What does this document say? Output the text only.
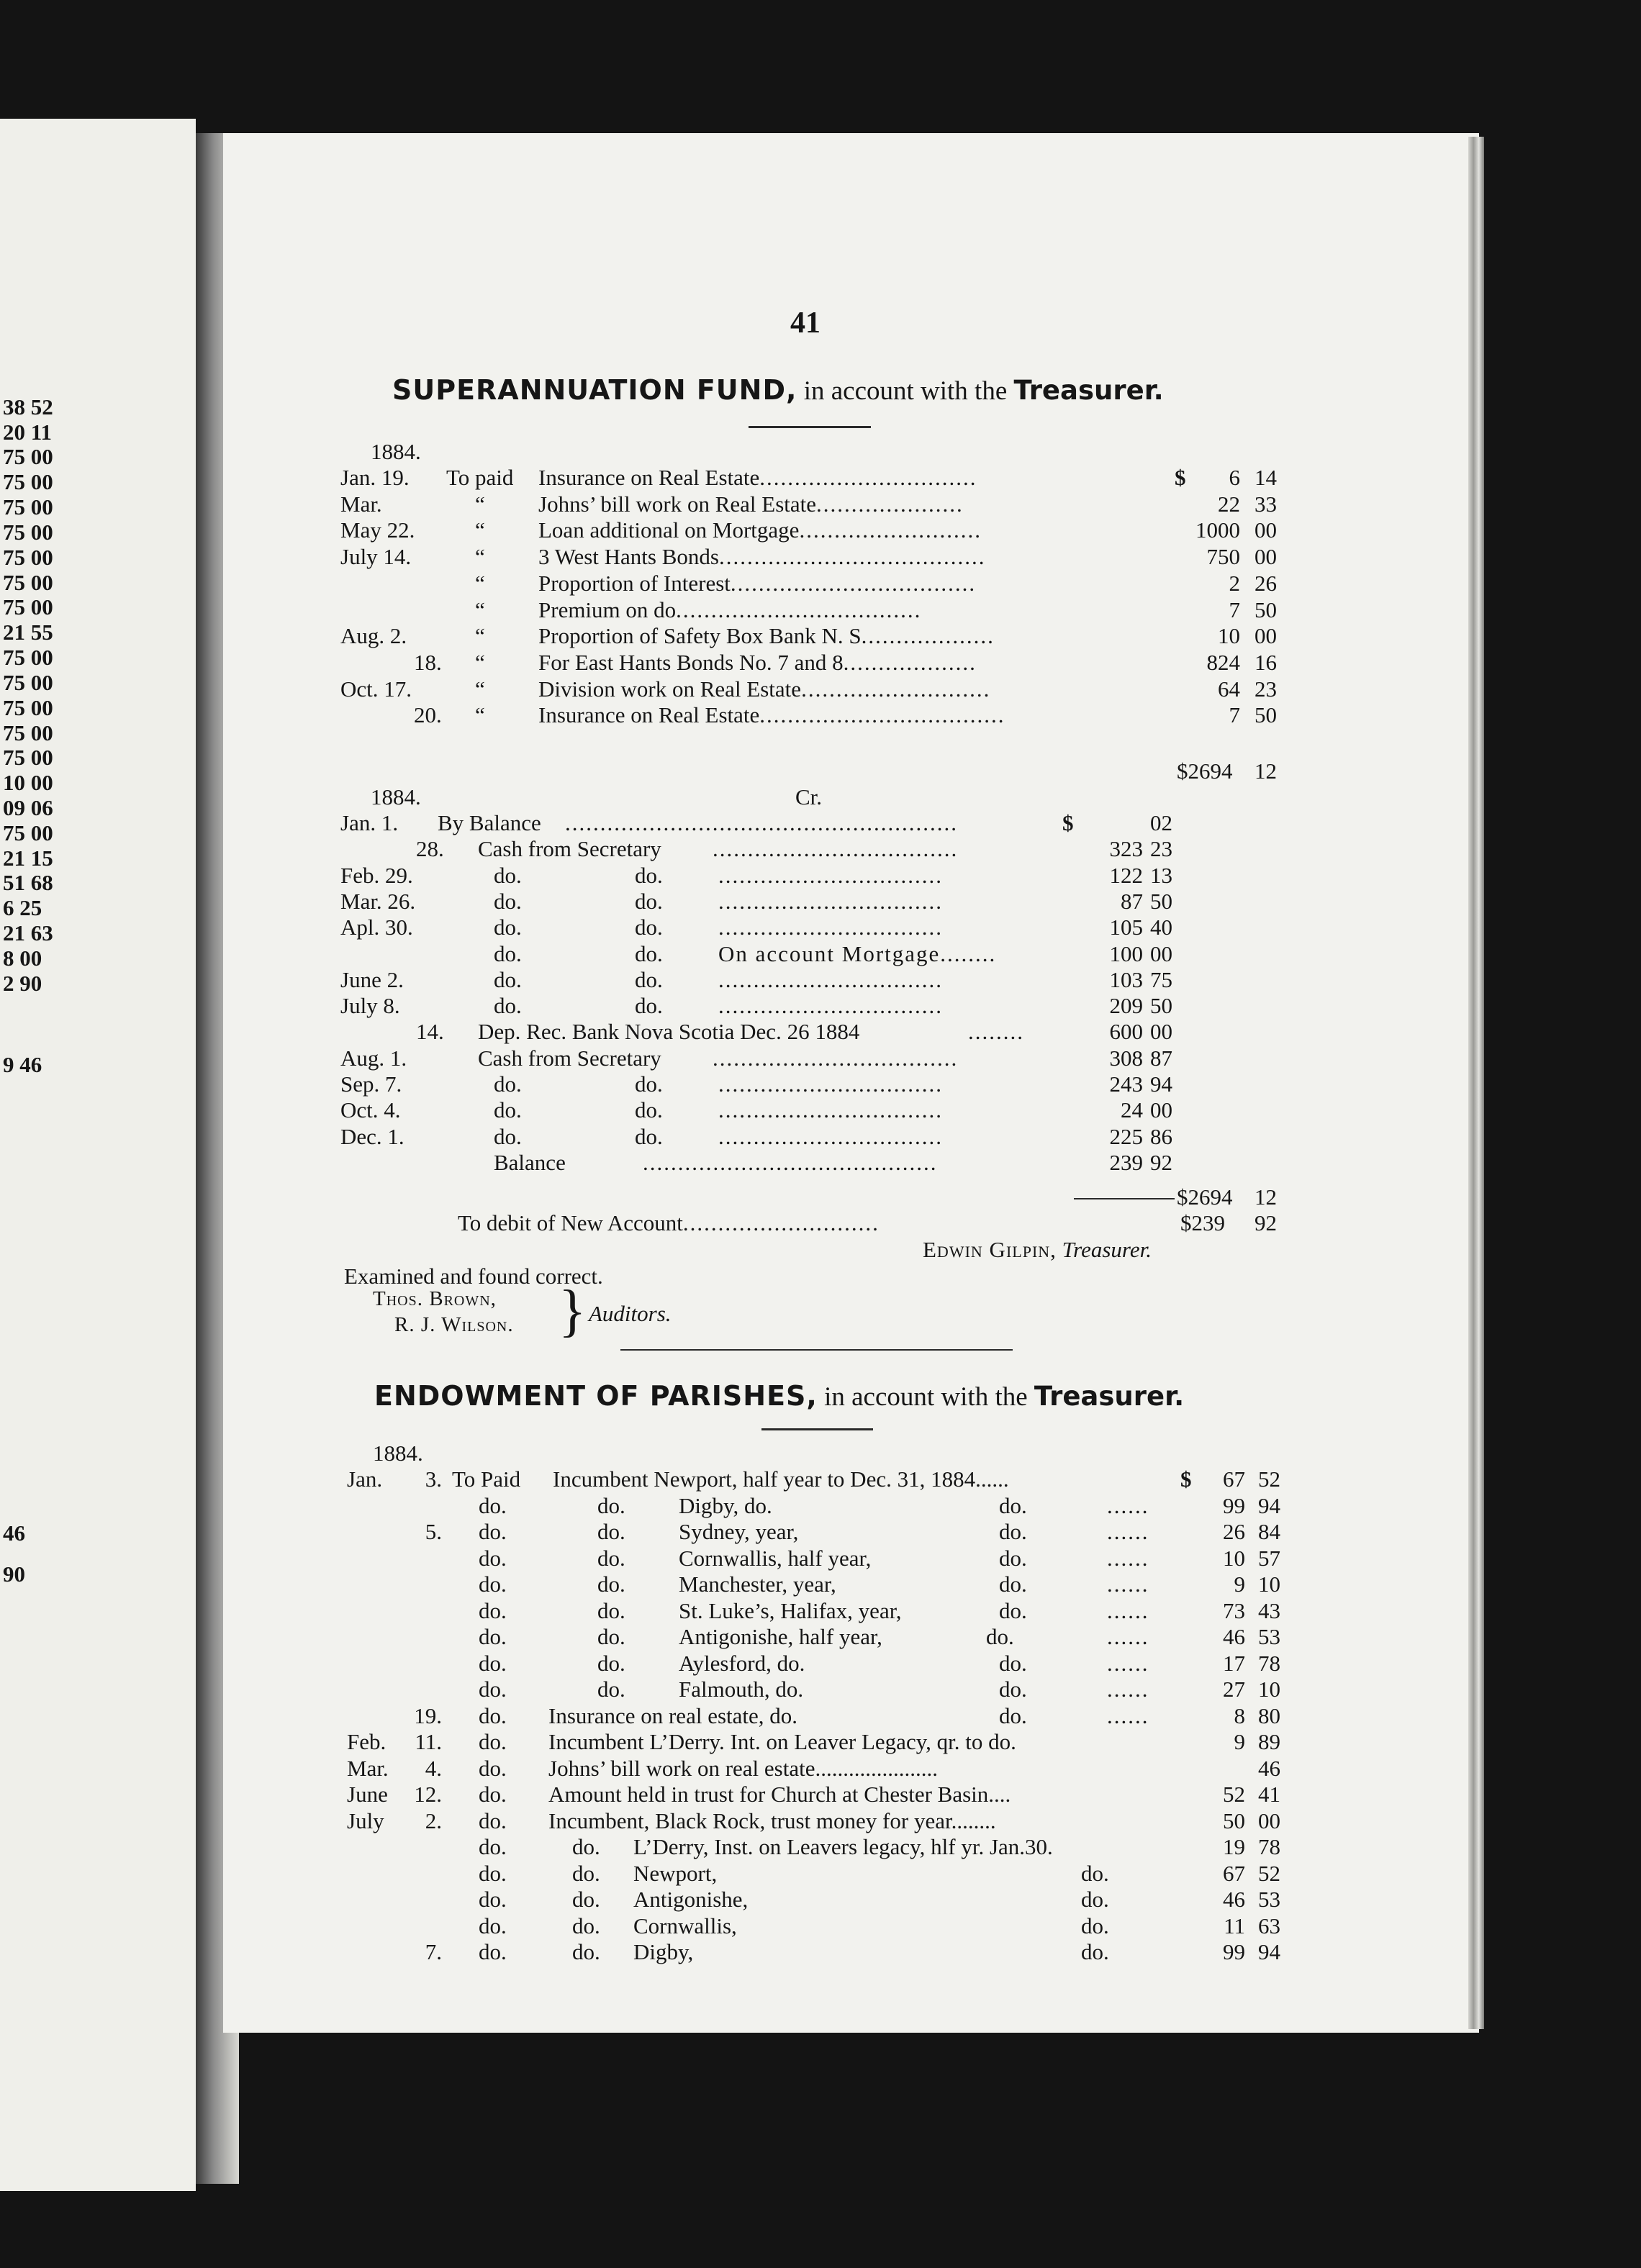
38 52
20 11
75 00
75 00
75 00
75 00
75 00
75 00
75 00
21 55
75 00
75 00
75 00
75 00
75 00
10 00
09 06
75 00
21 15
51 68
6 25
21 63
8 00
2 90
9 46
46
90
41
SUPERANNUATION FUND, in account with the Treasurer.
1884.
Jan. 19. To paid Insurance on Real Estate...............................	$	6 14
Mar.	“ Johns’ bill work on Real Estate.....................	22 33
May 22.	“ Loan additional on Mortgage..........................	1000 00
July 14.	“ 3 West Hants Bonds......................................	750 00
“ Proportion of Interest...................................	2 26
“ Premium on do...................................	7 50
Aug. 2.	“ Proportion of Safety Box Bank N. S...................	10 00
18. “ For East Hants Bonds No. 7 and 8...................	824 16
Oct. 17.	“ Division work on Real Estate...........................	64 23
20. “ Insurance on Real Estate...................................	7 50
$2694 12
1884.	Cr.
Jan. 1. By Balance ........................................................	$	02
28. Cash from Secretary ...................................	323 23
Feb. 29.	do.	do. ................................	122 13
Mar. 26.	do.	do. ................................	87 50
Apl. 30.	do.	do. ................................	105 40
do.	do. On account Mortgage........	100 00
June 2.	do.	do. ................................	103 75
July 8.	do.	do. ................................	209 50
14. Dep. Rec. Bank Nova Scotia Dec. 26 1884	........	600 00
Aug. 1.	Cash from Secretary ...................................	308 87
Sep. 7.	do.	do. ................................	243 94
Oct. 4.	do.	do. ................................	24 00
Dec. 1.	do.	do. ................................	225 86
Balance	..........................................	239 92
$2694 12
To debit of New Account............................	$239 92
Edwin Gilpin, Treasurer.
Examined and found correct.
Thos. Brown,
R. J. Wilson. } Auditors.
ENDOWMENT OF PARISHES, in account with the Treasurer.
1884.
Jan.	3. To Paid Incumbent Newport, half year to Dec. 31, 1884......	$	67 52
do.	do. Digby, do.	do.	......	99 94
5. do.	do. Sydney, year,	do.	......	26 84
do.	do. Cornwallis, half year,	do.	......	10 57
do.	do. Manchester, year,	do.	......	9 10
do.	do. St. Luke’s, Halifax, year,	do.	......	73 43
do.	do. Antigonishe, half year,	do.	......	46 53
do.	do. Aylesford, do.	do.	......	17 78
do.	do. Falmouth, do.	do.	......	27 10
19. do. Insurance on real estate, do.	do.	......	8 80
Feb.	11. do. Incumbent L’Derry. Int. on Leaver Legacy, qr. to do.	9 89
Mar.	4. do. Johns’ bill work on real estate......................	46
June	12. do. Amount held in trust for Church at Chester Basin....	52 41
July	2. do. Incumbent, Black Rock, trust money for year........	50 00
do.	do. L’Derry, Inst. on Leavers legacy, hlf yr. Jan.30.	19 78
do.	do. Newport,	do.	67 52
do.	do. Antigonishe,	do.	46 53
do.	do. Cornwallis,	do.	11 63
7. do.	do. Digby,	do.	99 94
